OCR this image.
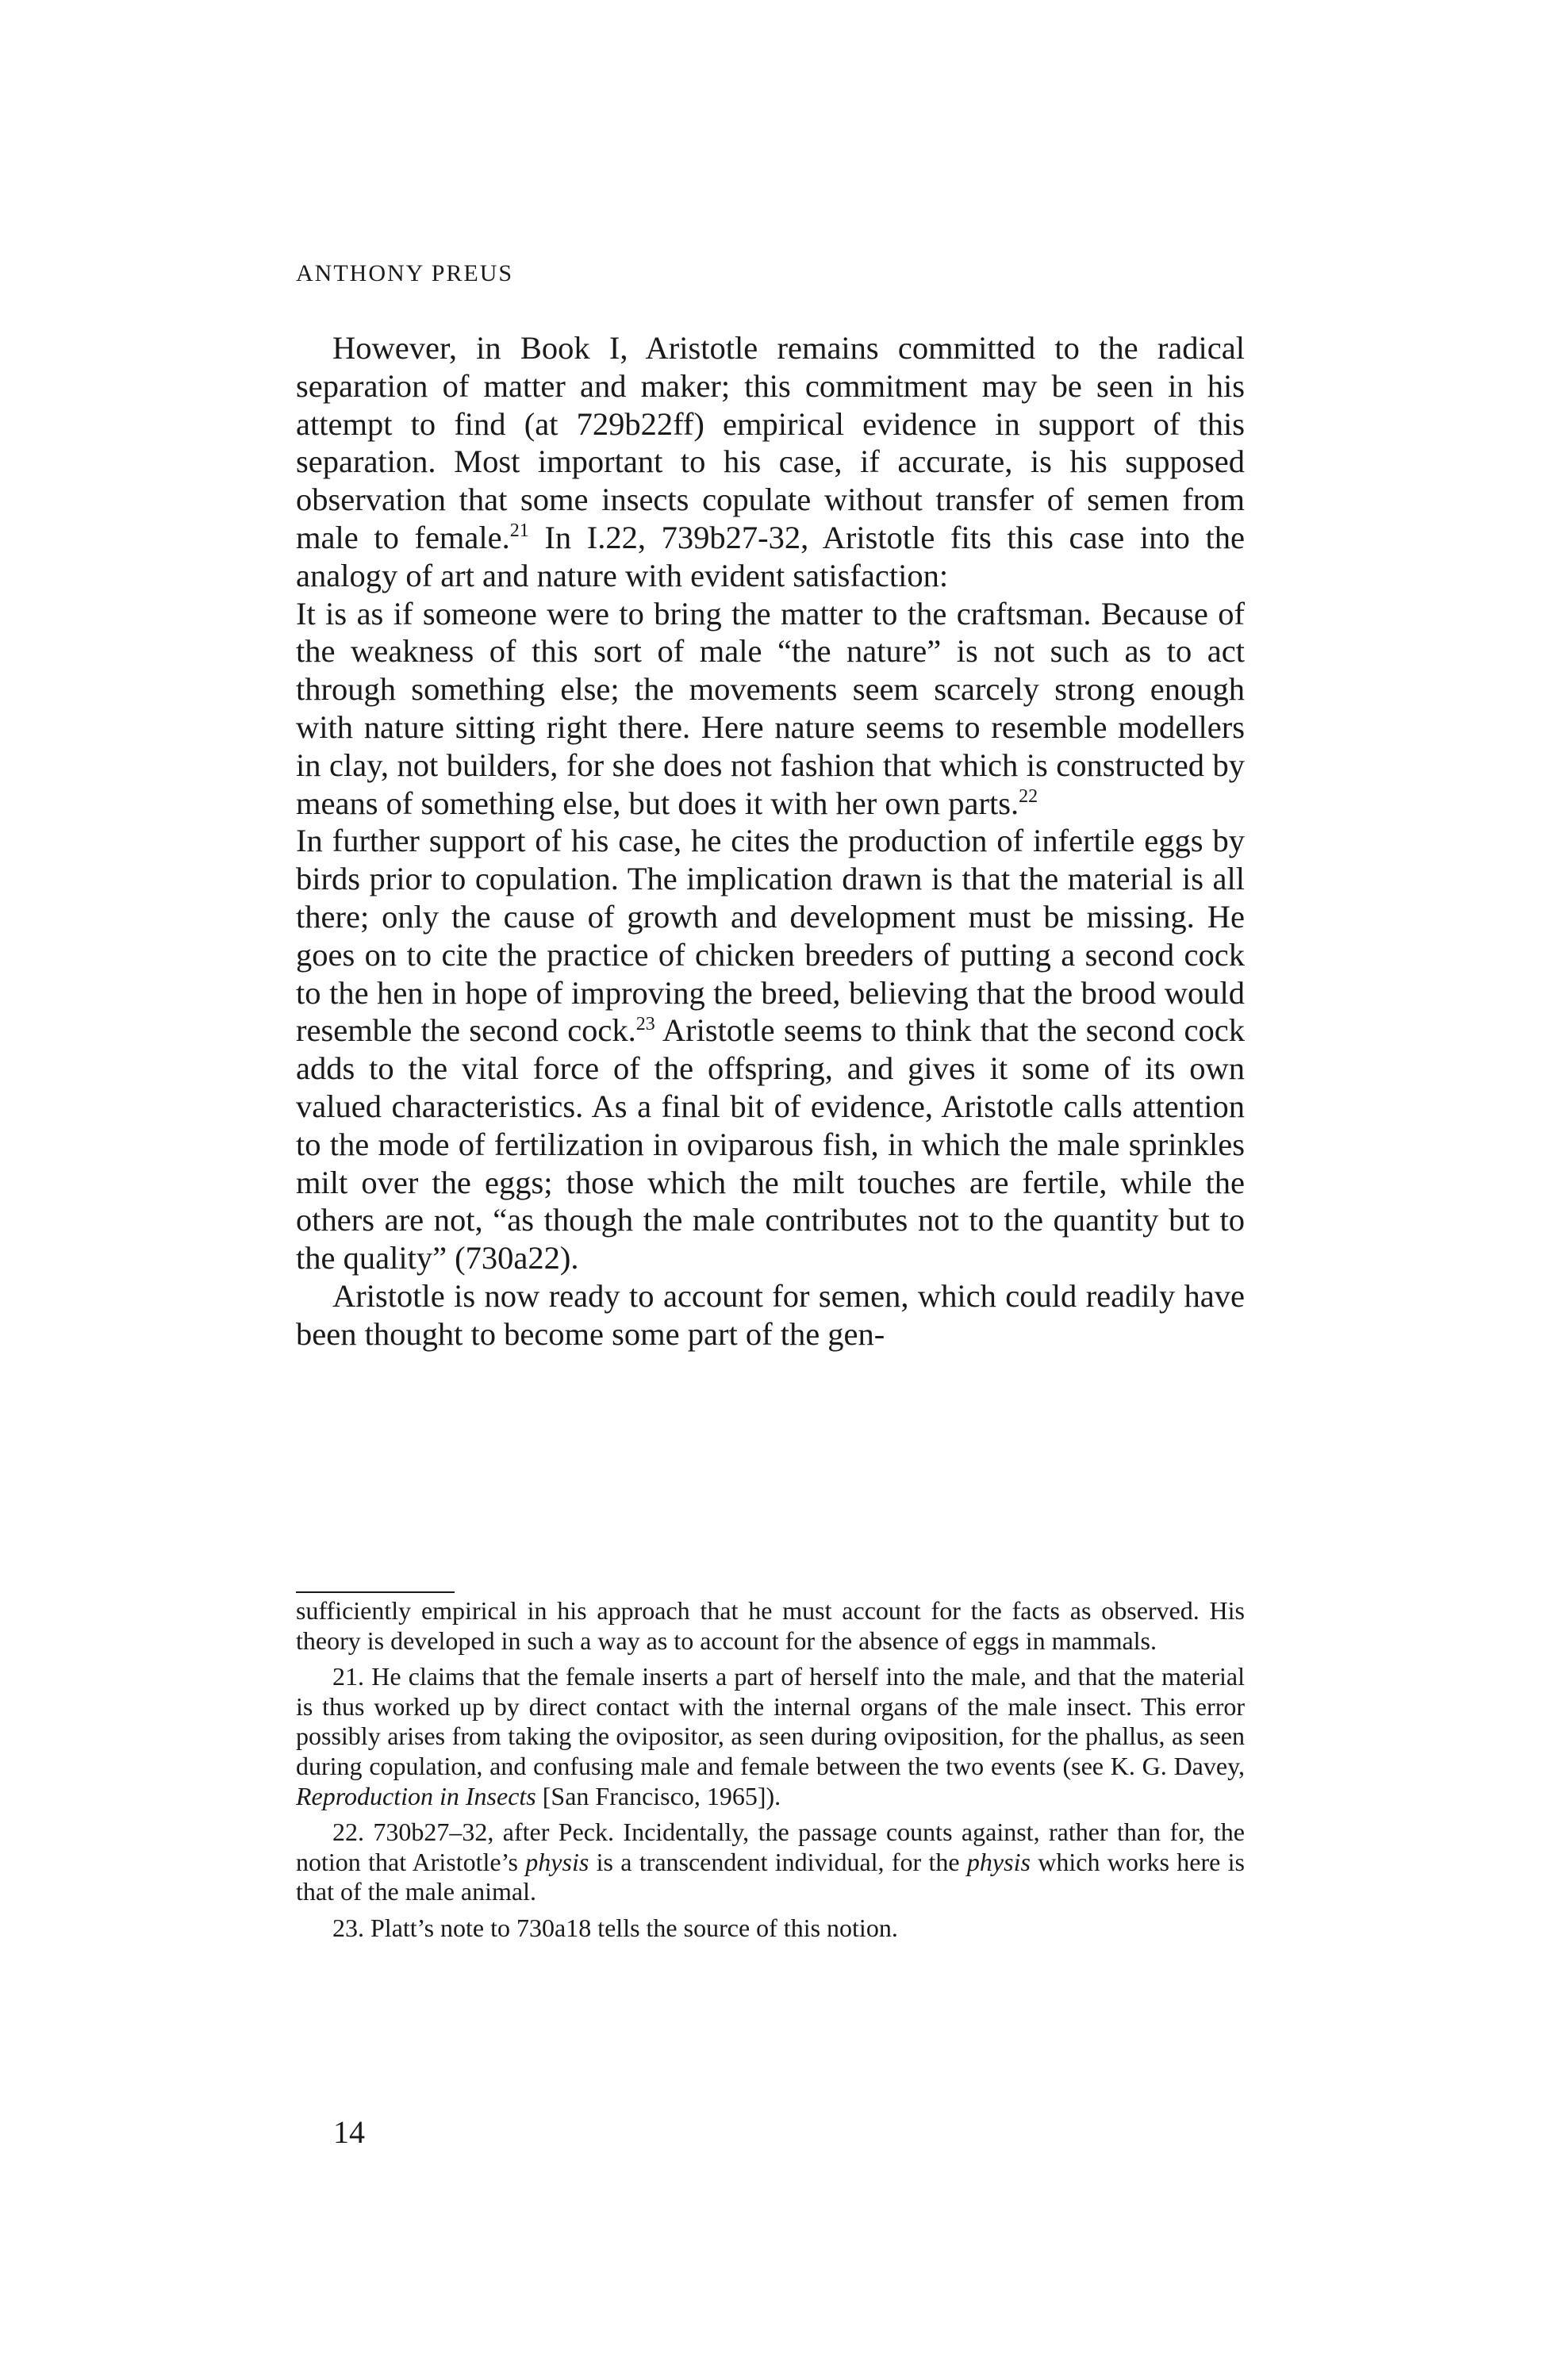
ANTHONY PREUS

However, in Book I, Aristotle remains committed to the radical separation of matter and maker; this commitment may be seen in his attempt to find (at 729b22ff) empirical evidence in support of this separation. Most important to his case, if accurate, is his supposed observation that some insects copulate without transfer of semen from male to female.$^{21}$ In I.22, 739b27-32, Aristotle fits this case into the analogy of art and nature with evident satisfaction:

It is as if someone were to bring the matter to the craftsman. Because of the weakness of this sort of male “the nature” is not such as to act through something else; the movements seem scarcely strong enough with nature sitting right there. Here nature seems to resemble modellers in clay, not builders, for she does not fashion that which is constructed by means of something else, but does it with her own parts.$^{22}$

In further support of his case, he cites the production of infertile eggs by birds prior to copulation. The implication drawn is that the material is all there; only the cause of growth and development must be missing. He goes on to cite the practice of chicken breeders of putting a second cock to the hen in hope of improving the breed, believing that the brood would resemble the second cock.$^{23}$ Aristotle seems to think that the second cock adds to the vital force of the offspring, and gives it some of its own valued characteristics. As a final bit of evidence, Aristotle calls attention to the mode of fertilization in oviparous fish, in which the male sprinkles milt over the eggs; those which the milt touches are fertile, while the others are not, “as though the male contributes not to the quantity but to the quality” (730a22).

Aristotle is now ready to account for semen, which could readily have been thought to become some part of the gen-

sufficiently empirical in his approach that he must account for the facts as observed. His theory is developed in such a way as to account for the absence of eggs in mammals.

21. He claims that the female inserts a part of herself into the male, and that the material is thus worked up by direct contact with the internal organs of the male insect. This error possibly arises from taking the ovipositor, as seen during oviposition, for the phallus, as seen during copulation, and confusing male and female between the two events (see K. G. Davey, Reproduction in Insects [San Francisco, 1965]).

22. 730b27–32, after Peck. Incidentally, the passage counts against, rather than for, the notion that Aristotle’s physis is a transcendent individual, for the physis which works here is that of the male animal.

23. Platt’s note to 730a18 tells the source of this notion.

14
